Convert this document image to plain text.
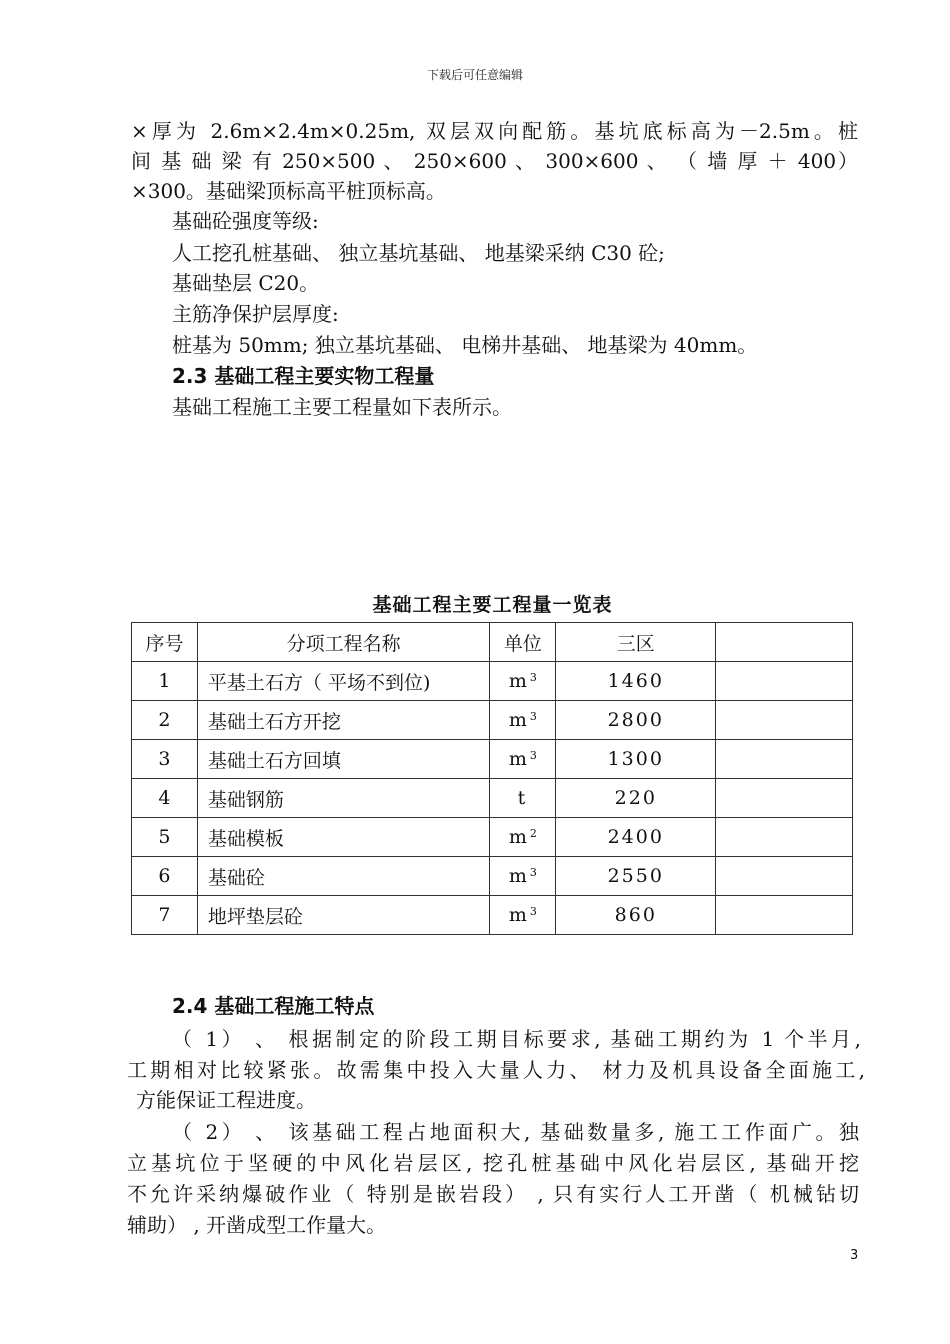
下载后可任意编辑
×厚为 2.6m×2.4m×0.25m, 双层双向配筋。基坑底标高为－2.5m。桩
间 基 础 梁 有 250×500 、 250×600 、 300×600 、 （ 墙 厚 ＋ 400）
×300。基础梁顶标高平桩顶标高。
基础砼强度等级:
人工挖孔桩基础、 独立基坑基础、 地基梁采纳 C30 砼;
基础垫层 C20。
主筋净保护层厚度:
桩基为 50mm; 独立基坑基础、 电梯井基础、 地基梁为 40mm。
2.3 基础工程主要实物工程量
基础工程施工主要工程量如下表所示。
基础工程主要工程量一览表
序号	分项工程名称	单位	三区	
1	平基土石方（ 平场不到位)	m $^3$	1460	
2	基础土石方开挖	m $^3$	2800	
3	基础土石方回填	m $^3$	1300	
4	基础钢筋	t	220	
5	基础模板	m $^2$	2400	
6	基础砼	m $^3$	2550	
7	地坪垫层砼	m $^3$	860	
2.4 基础工程施工特点
（ 1） 、 根据制定的阶段工期目标要求, 基础工期约为 1 个半月,
工期相对比较紧张。故需集中投入大量人力、 材力及机具设备全面施工,
方能保证工程进度。
（ 2） 、 该基础工程占地面积大, 基础数量多, 施工工作面广。独
立基坑位于坚硬的中风化岩层区, 挖孔桩基础中风化岩层区, 基础开挖
不允许采纳爆破作业（ 特别是嵌岩段） , 只有实行人工开凿（ 机械钻切
辅助） , 开凿成型工作量大。
3
